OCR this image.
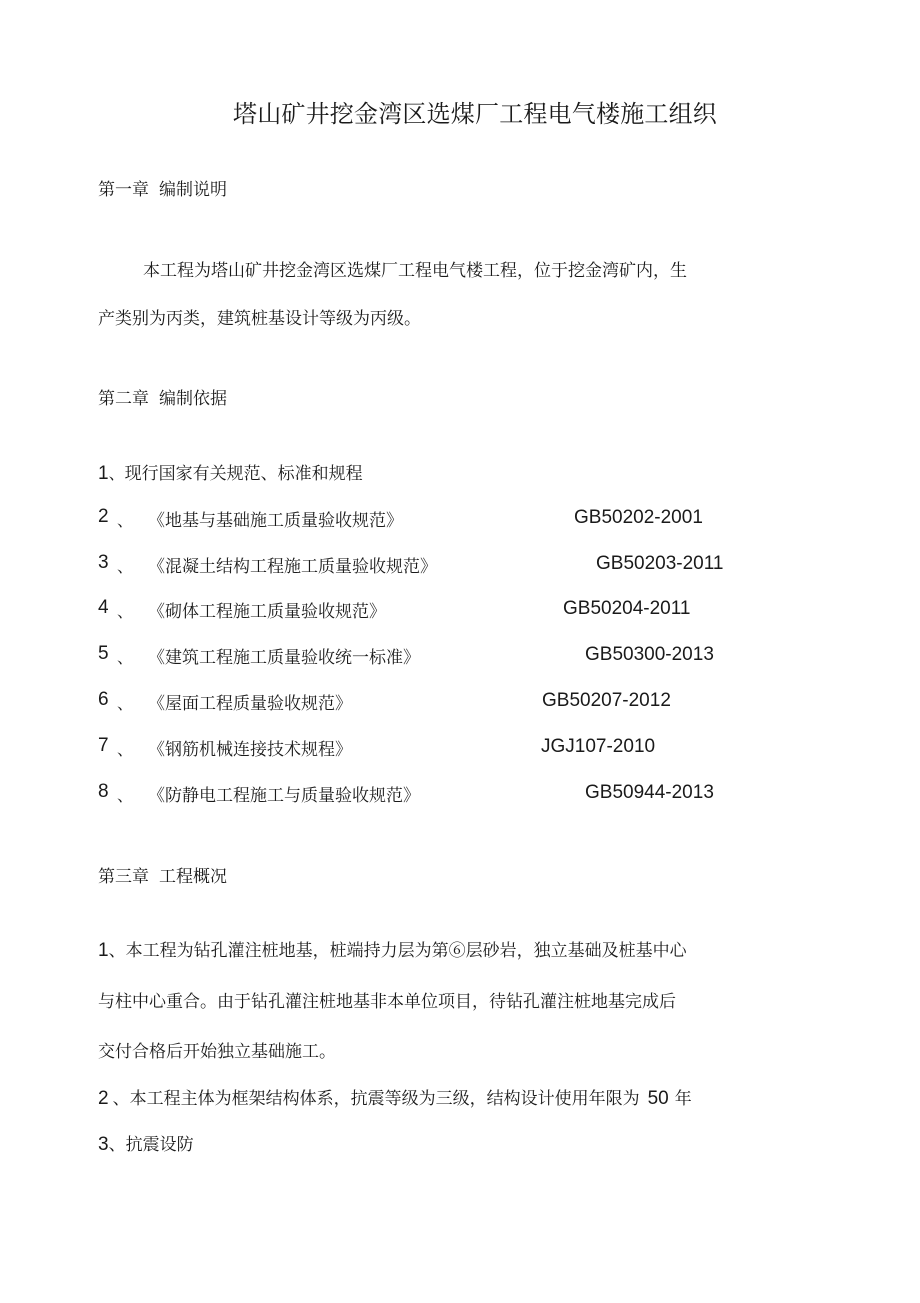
塔山矿井挖金湾区选煤厂工程电气楼施工组织
第一章 编制说明
本工程为塔山矿井挖金湾区选煤厂工程电气楼工程，位于挖金湾矿内，生
产类别为丙类，建筑桩基设计等级为丙级。
第二章 编制依据
1、现行国家有关规范、标准和规程
2 、 《地基与基础施工质量验收规范》	GB50202-2001
3 、 《混凝土结构工程施工质量验收规范》	GB50203-2011
4 、 《砌体工程施工质量验收规范》	GB50204-2011
5 、 《建筑工程施工质量验收统一标准》	GB50300-2013
6 、 《屋面工程质量验收规范》	GB50207-2012
7 、 《钢筋机械连接技术规程》	JGJ107-2010
8 、 《防静电工程施工与质量验收规范》	GB50944-2013
第三章 工程概况
1、本工程为钻孔灌注桩地基，桩端持力层为第⑥层砂岩，独立基础及桩基中心
与柱中心重合。由于钻孔灌注桩地基非本单位项目，待钻孔灌注桩地基完成后
交付合格后开始独立基础施工。
2 、本工程主体为框架结构体系，抗震等级为三级，结构设计使用年限为 50 年
3、抗震设防
